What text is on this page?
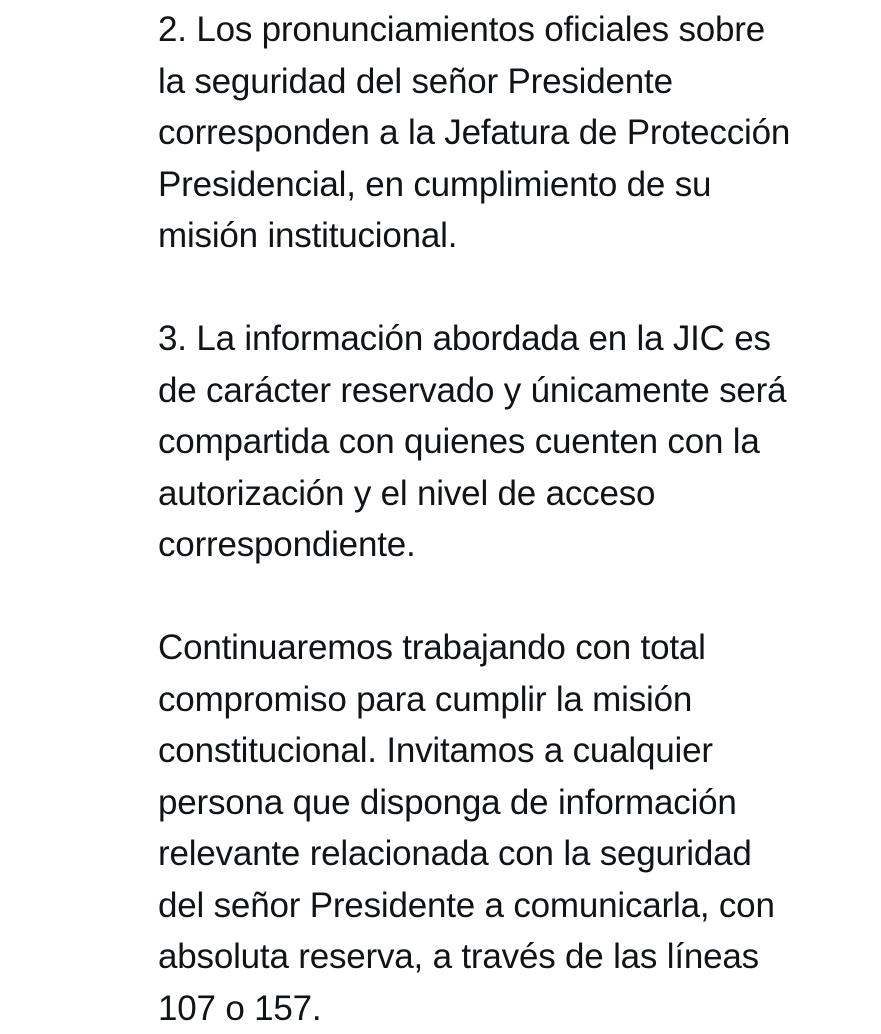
2. Los pronunciamientos oficiales sobre
la seguridad del señor Presidente
corresponden a la Jefatura de Protección
Presidencial, en cumplimiento de su
misión institucional.

3. La información abordada en la JIC es
de carácter reservado y únicamente será
compartida con quienes cuenten con la
autorización y el nivel de acceso
correspondiente.

Continuaremos trabajando con total
compromiso para cumplir la misión
constitucional. Invitamos a cualquier
persona que disponga de información
relevante relacionada con la seguridad
del señor Presidente a comunicarla, con
absoluta reserva, a través de las líneas
107 o 157.
